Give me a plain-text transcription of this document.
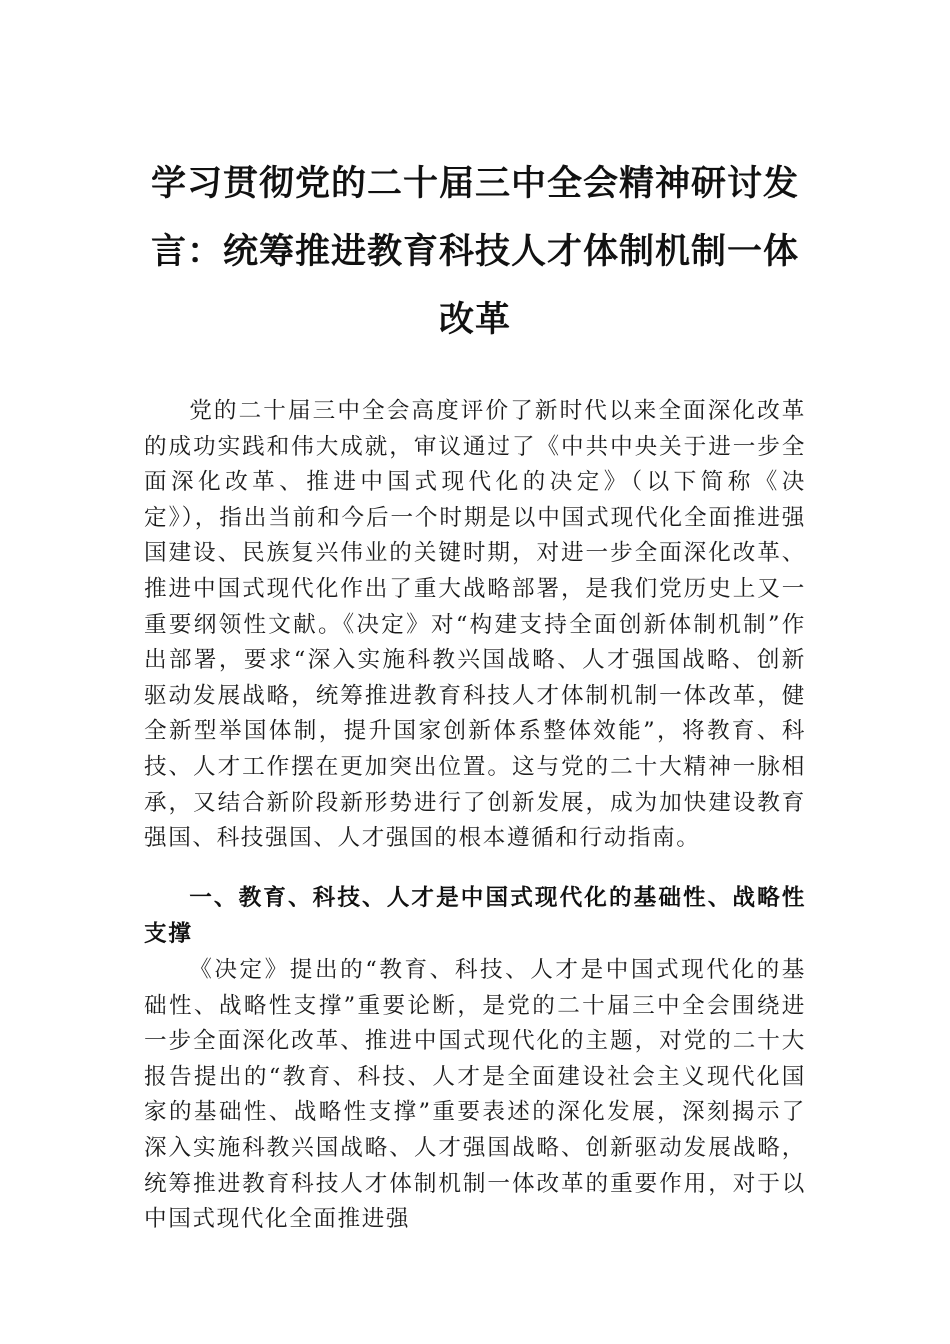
学习贯彻党的二十届三中全会精神研讨发言：统筹推进教育科技人才体制机制一体改革

党的二十届三中全会高度评价了新时代以来全面深化改革的成功实践和伟大成就，审议通过了《中共中央关于进一步全面深化改革、推进中国式现代化的决定》（以下简称《决定》），指出当前和今后一个时期是以中国式现代化全面推进强国建设、民族复兴伟业的关键时期，对进一步全面深化改革、推进中国式现代化作出了重大战略部署，是我们党历史上又一重要纲领性文献。《决定》对“构建支持全面创新体制机制”作出部署，要求“深入实施科教兴国战略、人才强国战略、创新驱动发展战略，统筹推进教育科技人才体制机制一体改革，健全新型举国体制，提升国家创新体系整体效能”，将教育、科技、人才工作摆在更加突出位置。这与党的二十大精神一脉相承，又结合新阶段新形势进行了创新发展，成为加快建设教育强国、科技强国、人才强国的根本遵循和行动指南。

一、教育、科技、人才是中国式现代化的基础性、战略性支撑

《决定》提出的“教育、科技、人才是中国式现代化的基础性、战略性支撑”重要论断，是党的二十届三中全会围绕进一步全面深化改革、推进中国式现代化的主题，对党的二十大报告提出的“教育、科技、人才是全面建设社会主义现代化国家的基础性、战略性支撑”重要表述的深化发展，深刻揭示了深入实施科教兴国战略、人才强国战略、创新驱动发展战略，统筹推进教育科技人才体制机制一体改革的重要作用，对于以中国式现代化全面推进强
